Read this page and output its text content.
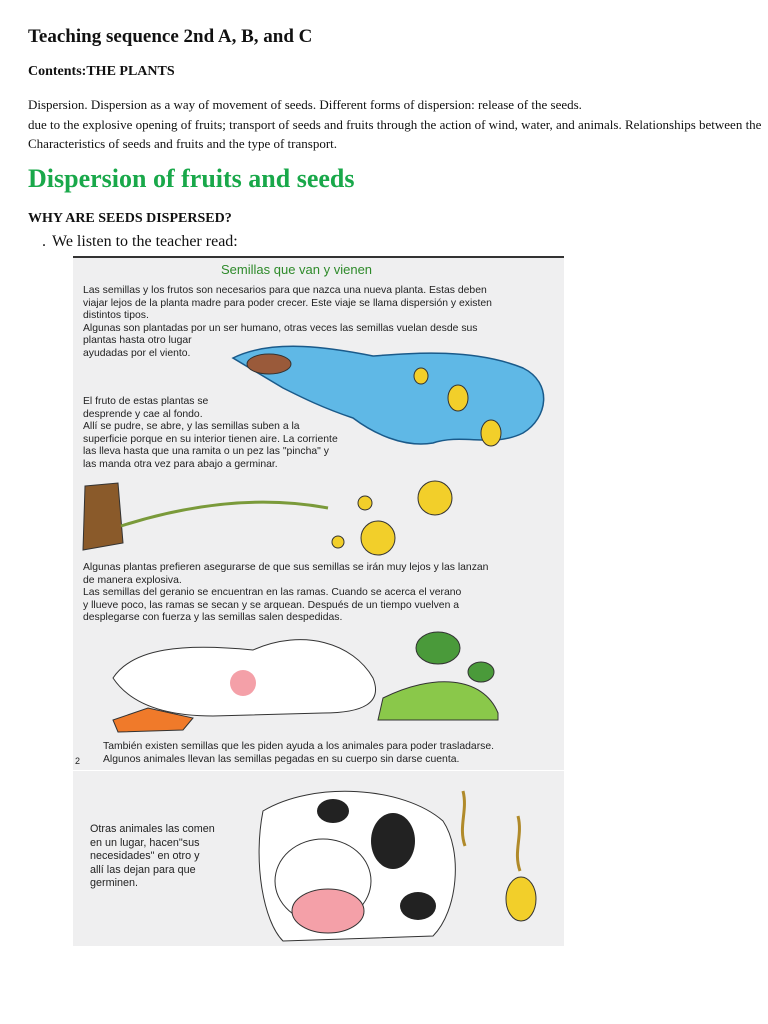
Teaching sequence 2nd A, B, and C
Contents:THE PLANTS
Dispersion. Dispersion as a way of movement of seeds. Different forms of dispersion: release of the seeds.
due to the explosive opening of fruits; transport of seeds and fruits through the action of wind, water, and animals. Relationships between the
Characteristics of seeds and fruits and the type of transport.
Dispersion of fruits and seeds
WHY ARE SEEDS DISPERSED?
. We listen to the teacher read:
Semillas que van y vienen
Las semillas y los frutos son necesarios para que nazca una nueva planta. Estas deben
viajar lejos de la planta madre para poder crecer. Este viaje se llama dispersión y existen
distintos tipos.
Algunas son plantadas por un ser humano, otras veces las semillas vuelan desde sus
plantas hasta otro lugar
ayudadas por el viento.
El fruto de estas plantas se
desprende y cae al fondo.
Allí se pudre, se abre, y las semillas suben a la
superficie porque en su interior tienen aire. La corriente
las lleva hasta que una ramita o un pez las "pincha" y
las manda otra vez para abajo a germinar.
Algunas plantas prefieren asegurarse de que sus semillas se irán muy lejos y las lanzan
de manera explosiva.
Las semillas del geranio se encuentran en las ramas. Cuando se acerca el verano
y llueve poco, las ramas se secan y se arquean. Después de un tiempo vuelven a
desplegarse con fuerza y las semillas salen despedidas.
También existen semillas que les piden ayuda a los animales para poder trasladarse.
Algunos animales llevan las semillas pegadas en su cuerpo sin darse cuenta.
2
Otras animales las comen
en un lugar, hacen"sus
necesidades" en otro y
allí las dejan para que
germinen.
